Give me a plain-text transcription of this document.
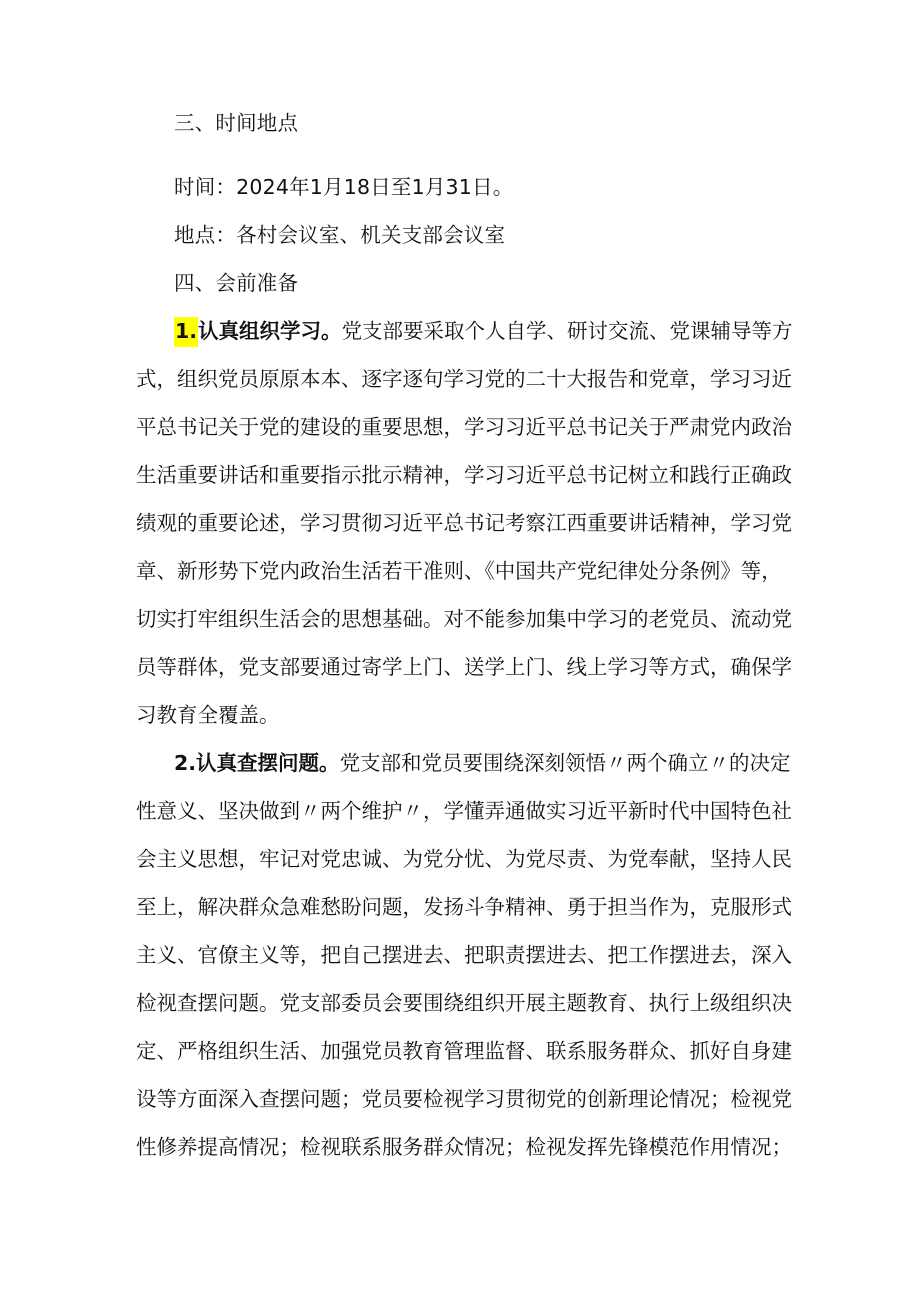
三、时间地点
时间：2024年1月18日至1月31日。
地点：各村会议室、机关支部会议室
四、会前准备
1.认真组织学习。党支部要采取个人自学、研讨交流、党课辅导等方
式，组织党员原原本本、逐字逐句学习党的二十大报告和党章，学习习近
平总书记关于党的建设的重要思想，学习习近平总书记关于严肃党内政治
生活重要讲话和重要指示批示精神，学习习近平总书记树立和践行正确政
绩观的重要论述，学习贯彻习近平总书记考察江西重要讲话精神，学习党
章、新形势下党内政治生活若干准则、《中国共产党纪律处分条例》等，
切实打牢组织生活会的思想基础。对不能参加集中学习的老党员、流动党
员等群体，党支部要通过寄学上门、送学上门、线上学习等方式，确保学
习教育全覆盖。
2.认真查摆问题。党支部和党员要围绕深刻领悟〃两个确立〃的决定
性意义、坚决做到〃两个维护〃，学懂弄通做实习近平新时代中国特色社
会主义思想，牢记对党忠诚、为党分忧、为党尽责、为党奉献，坚持人民
至上，解决群众急难愁盼问题，发扬斗争精神、勇于担当作为，克服形式
主义、官僚主义等，把自己摆进去、把职责摆进去、把工作摆进去，深入
检视查摆问题。党支部委员会要围绕组织开展主题教育、执行上级组织决
定、严格组织生活、加强党员教育管理监督、联系服务群众、抓好自身建
设等方面深入查摆问题；党员要检视学习贯彻党的创新理论情况；检视党
性修养提高情况；检视联系服务群众情况；检视发挥先锋模范作用情况；
